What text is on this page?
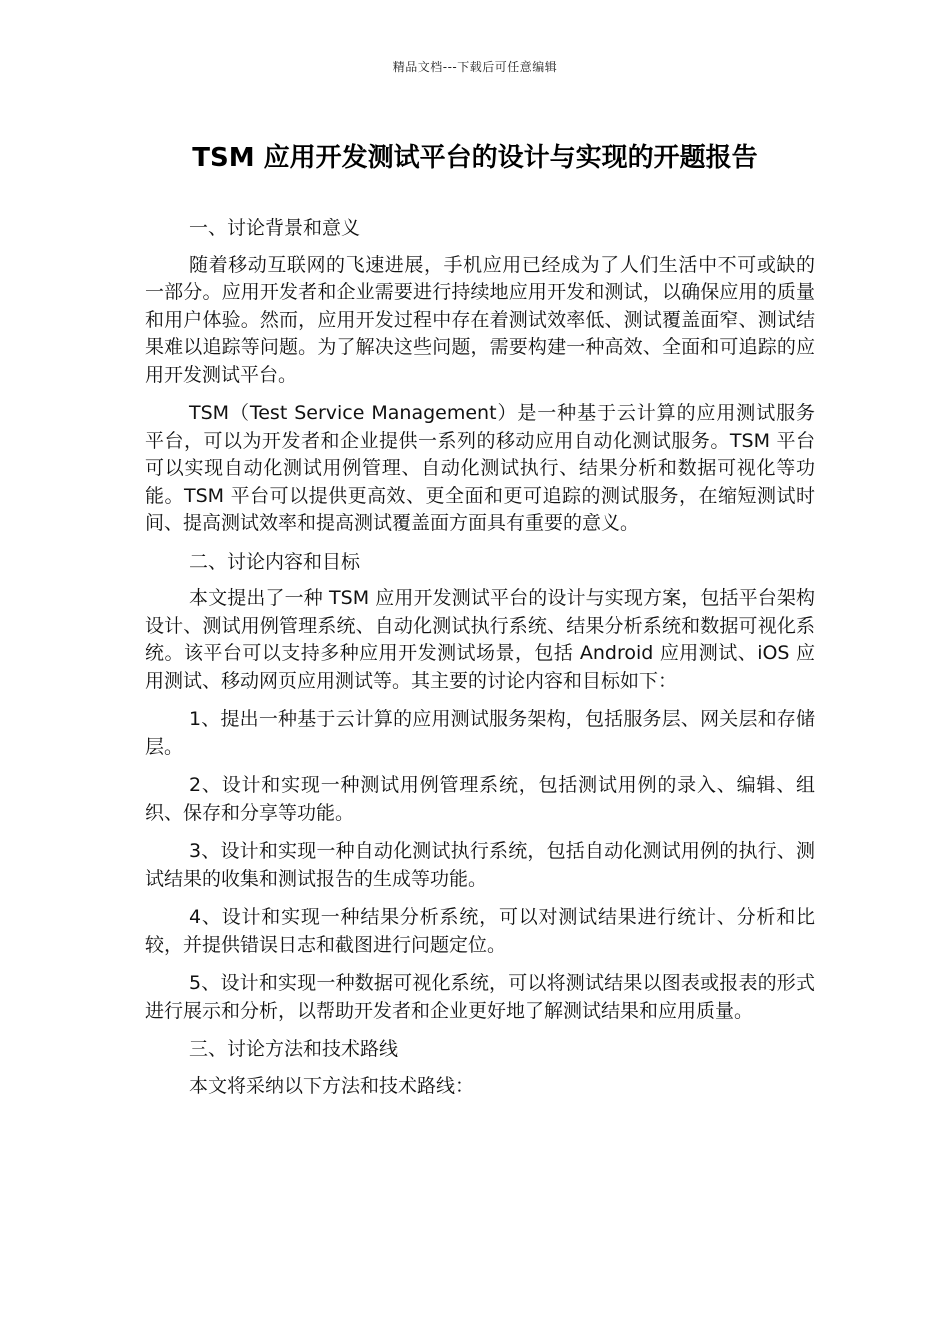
精品文档---下载后可任意编辑
TSM 应用开发测试平台的设计与实现的开题报告

一、讨论背景和意义

随着移动互联网的飞速进展，手机应用已经成为了人们生活中不可或缺的一部分。应用开发者和企业需要进行持续地应用开发和测试，以确保应用的质量和用户体验。然而，应用开发过程中存在着测试效率低、测试覆盖面窄、测试结果难以追踪等问题。为了解决这些问题，需要构建一种高效、全面和可追踪的应用开发测试平台。

TSM（Test Service Management）是一种基于云计算的应用测试服务平台，可以为开发者和企业提供一系列的移动应用自动化测试服务。TSM 平台可以实现自动化测试用例管理、自动化测试执行、结果分析和数据可视化等功能。TSM 平台可以提供更高效、更全面和更可追踪的测试服务，在缩短测试时间、提高测试效率和提高测试覆盖面方面具有重要的意义。

二、讨论内容和目标

本文提出了一种 TSM 应用开发测试平台的设计与实现方案，包括平台架构设计、测试用例管理系统、自动化测试执行系统、结果分析系统和数据可视化系统。该平台可以支持多种应用开发测试场景，包括 Android 应用测试、iOS 应用测试、移动网页应用测试等。其主要的讨论内容和目标如下：

1、提出一种基于云计算的应用测试服务架构，包括服务层、网关层和存储层。

2、设计和实现一种测试用例管理系统，包括测试用例的录入、编辑、组织、保存和分享等功能。

3、设计和实现一种自动化测试执行系统，包括自动化测试用例的执行、测试结果的收集和测试报告的生成等功能。

4、设计和实现一种结果分析系统，可以对测试结果进行统计、分析和比较，并提供错误日志和截图进行问题定位。

5、设计和实现一种数据可视化系统，可以将测试结果以图表或报表的形式进行展示和分析，以帮助开发者和企业更好地了解测试结果和应用质量。

三、讨论方法和技术路线

本文将采纳以下方法和技术路线：
